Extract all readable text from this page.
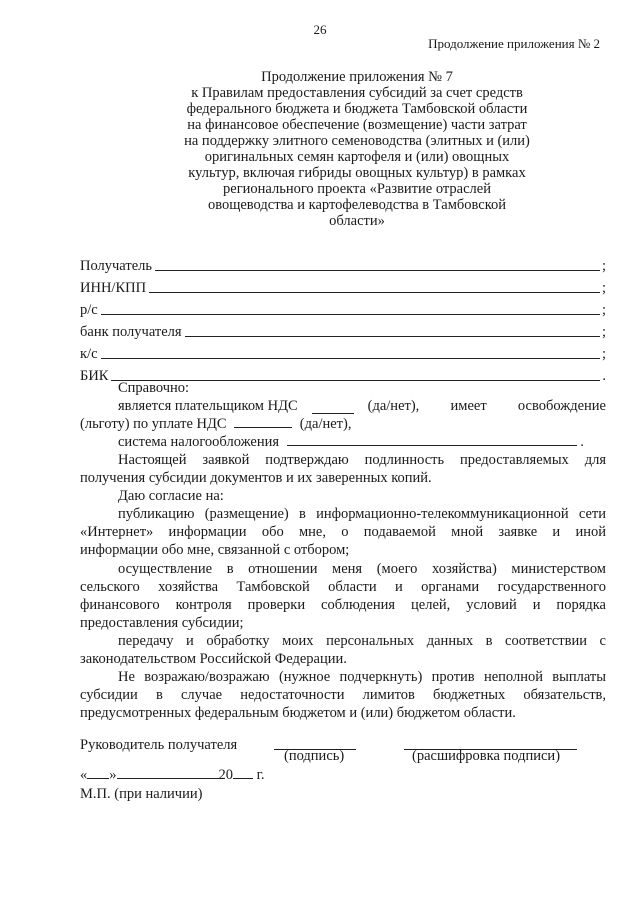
26
Продолжение приложения № 2
Продолжение приложения № 7
к Правилам предоставления субсидий за счет средств
федерального бюджета и бюджета Тамбовской области
на финансовое обеспечение (возмещение) части затрат
на поддержку элитного семеноводства (элитных и (или)
оригинальных семян картофеля и (или) овощных
культур, включая гибриды овощных культур) в рамках
регионального проекта «Развитие отраслей
овощеводства и картофелеводства в Тамбовской
области»
Получатель	;
ИНН/КПП	;
р/с	;
банк получателя	;
к/с	;
БИК	.
Справочно:
является плательщиком НДС	(да/нет), имеет освобождение
(льготу) по уплате НДС	(да/нет),
система налогообложения	.
Настоящей заявкой подтверждаю подлинность предоставляемых для
получения субсидии документов и их заверенных копий.
Даю согласие на:
публикацию (размещение) в информационно-телекоммуникационной сети
«Интернет» информации обо мне, о подаваемой мной заявке и иной
информации обо мне, связанной с отбором;
осуществление в отношении меня (моего хозяйства) министерством
сельского хозяйства Тамбовской области и органами государственного
финансового контроля проверки соблюдения целей, условий и порядка
предоставления субсидии;
передачу и обработку моих персональных данных в соответствии с
законодательством Российской Федерации.
Не возражаю/возражаю (нужное подчеркнуть) против неполной выплаты
субсидии в случае недостаточности лимитов бюджетных обязательств,
предусмотренных федеральным бюджетом и (или) бюджетом области.
Руководитель получателя
(подпись)	(расшифровка подписи)
« »	20 г.
М.П. (при наличии)
